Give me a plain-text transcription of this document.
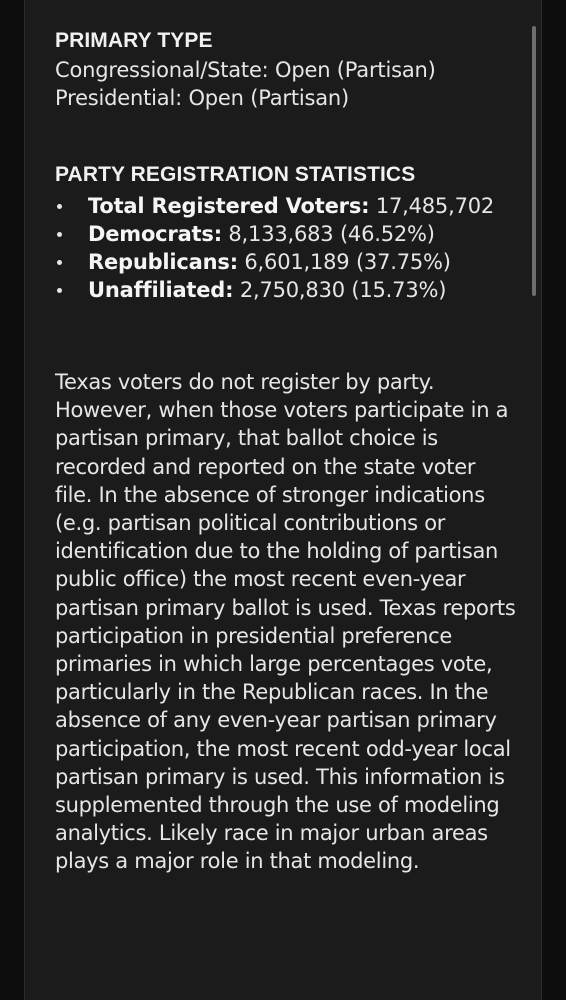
PRIMARY TYPE

Congressional/State: Open (Partisan)

Presidential: Open (Partisan)

PARTY REGISTRATION STATISTICS
Total Registered Voters: 17,485,702
Democrats: 8,133,683 (46.52%)
Republicans: 6,601,189 (37.75%)
Unaffiliated: 2,750,830 (15.73%)

Texas voters do not register by party. However, when those voters participate in a partisan primary, that ballot choice is recorded and reported on the state voter file. In the absence of stronger indications (e.g. partisan political contributions or identification due to the holding of partisan public office) the most recent even-year partisan primary ballot is used. Texas reports participation in presidential preference primaries in which large percentages vote, particularly in the Republican races. In the absence of any even-year partisan primary participation, the most recent odd-year local partisan primary is used. This information is supplemented through the use of modeling analytics. Likely race in major urban areas plays a major role in that modeling.
